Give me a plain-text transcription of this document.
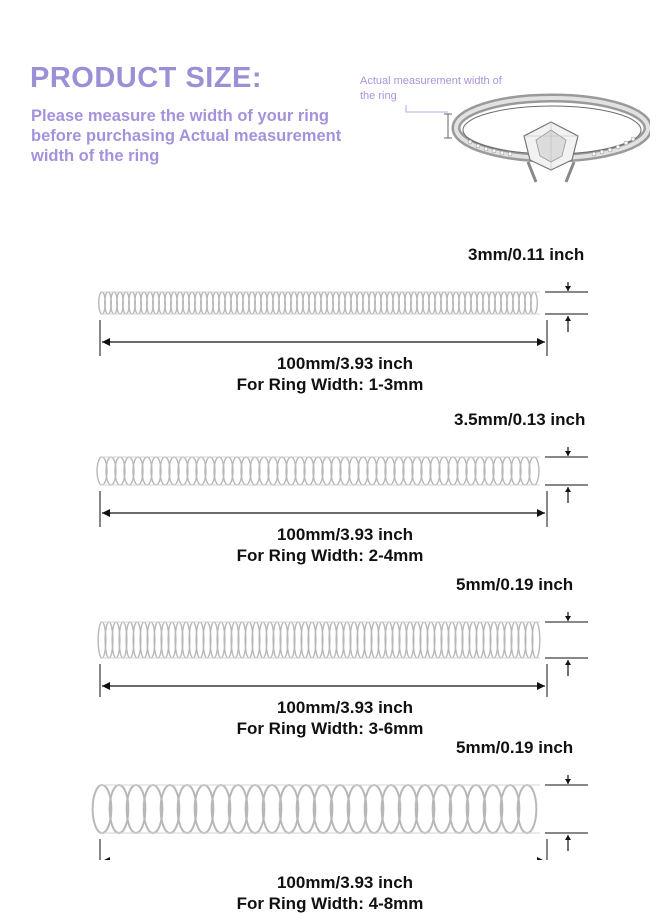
PRODUCT SIZE:
Please measure the width of your ring before purchasing Actual measurement width of the ring
Actual measurement width of the ring
3mm/0.11 inch
100mm/3.93 inch
For Ring Width: 1-3mm
3.5mm/0.13 inch
100mm/3.93 inch
For Ring Width: 2-4mm
5mm/0.19 inch
100mm/3.93 inch
For Ring Width: 3-6mm
5mm/0.19 inch
100mm/3.93 inch
For Ring Width: 4-8mm
